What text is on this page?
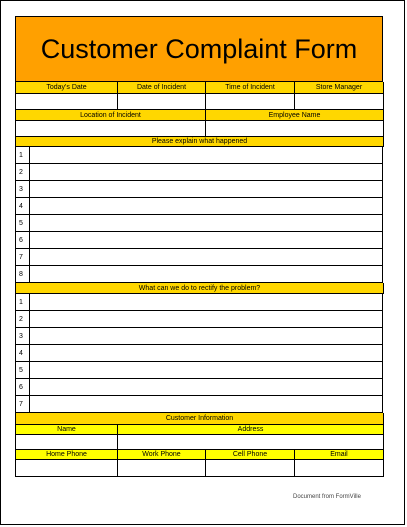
Customer Complaint Form
Today's Date	Date of Incident	Time of Incident	Store Manager
Location of Incident	Employee Name
Please explain what happened
1
2
3
4
5
6
7
8
What can we do to rectify the problem?
1
2
3
4
5
6
7
Customer Information
Name	Address
Home Phone	Work Phone	Cell Phone	Email
Document from FormVille
